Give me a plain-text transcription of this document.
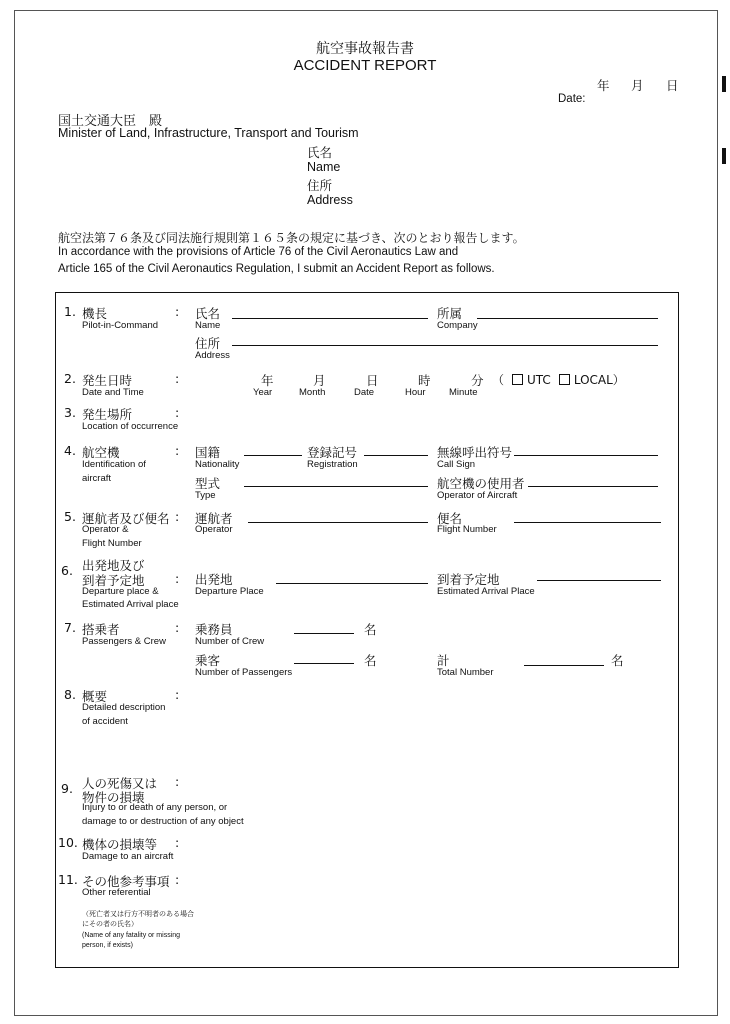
航空事故報告書
ACCIDENT REPORT
年 月 日
Date:
国土交通大臣　殿
Minister of Land, Infrastructure, Transport and Tourism
氏名
Name
住所
Address
航空法第７６条及び同法施行規則第１６５条の規定に基づき、次のとおり報告します。
In accordance with the provisions of Article 76 of the Civil Aeronautics Law and
Article 165 of the Civil Aeronautics Regulation, I submit an Accident Report as follows.
1. 機長
Pilot-in-Command
: 氏名
Name
所属
Company
住所
Address
2. 発生日時
Date and Time
:	年
Year
月
Month
日
Date
時
Hour
分
Minute
（ UTC LOCAL）
3. 発生場所
Location of occurrence
:
4. 航空機
Identification of
aircraft
: 国籍
Nationality
登録記号
Registration
無線呼出符号
Call Sign
型式
Type
航空機の使用者
Operator of Aircraft
5. 運航者及び便名
Operator &
Flight Number
: 運航者
Operator
便名
Flight Number
6. 出発地及び
到着予定地
Departure place &
Estimated Arrival place
: 出発地
Departure Place
到着予定地
Estimated Arrival Place
7. 搭乗者
Passengers & Crew
: 乗務員
Number of Crew
名
乗客
Number of Passengers
名	計
Total Number
名
8. 概要
Detailed description
of accident
:
9. 人の死傷又は
物件の損壊
Injury to or death of any person, or
damage to or destruction of any object
:
10. 機体の損壊等
Damage to an aircraft
:
11. その他参考事項
Other referential
:
（死亡者又は行方不明者のある場合にその者の氏名）
(Name of any fatality or missing person, if exists)
